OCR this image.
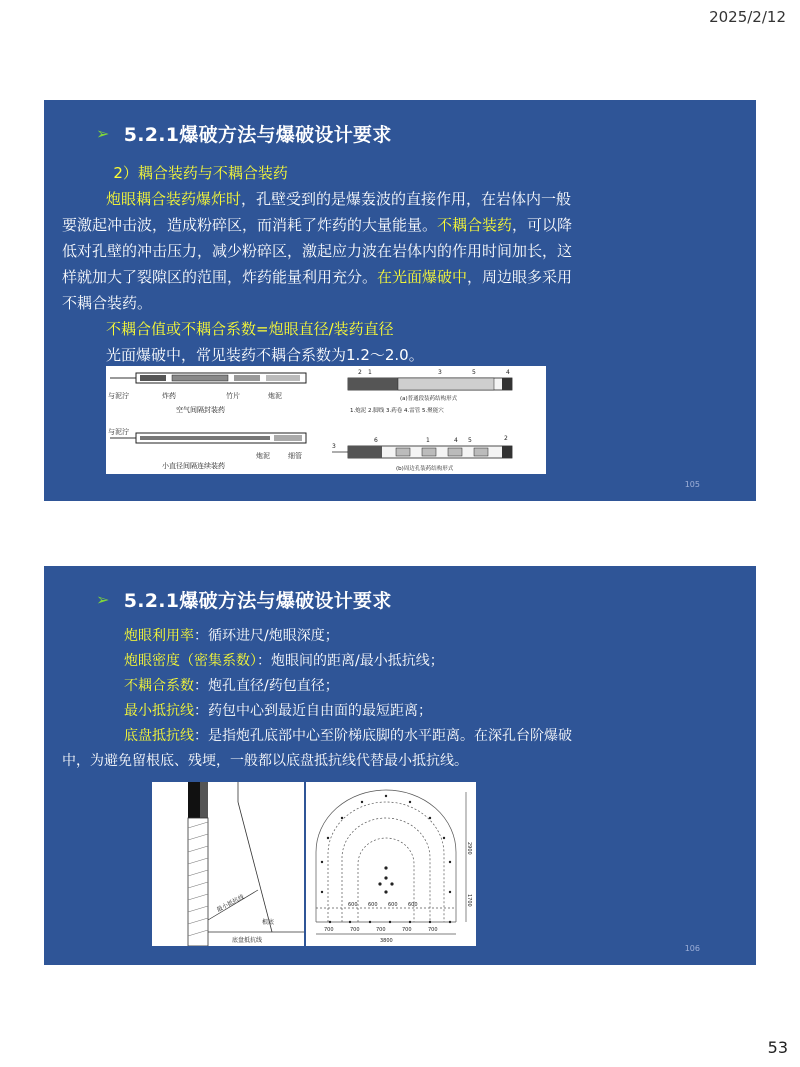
2025/2/12
➢ 5.2.1爆破方法与爆破设计要求
2）耦合装药与不耦合装药
炮眼耦合装药爆炸时，孔壁受到的是爆轰波的直接作用，在岩体内一般要激起冲击波，造成粉碎区，而消耗了炸药的大量能量。不耦合装药，可以降低对孔壁的冲击压力，减少粉碎区，激起应力波在岩体内的作用时间加长，这样就加大了裂隙区的范围，炸药能量利用充分。在光面爆破中，周边眼多采用不耦合装药。
不耦合值或不耦合系数=炮眼直径/装药直径
光面爆破中，常见装药不耦合系数为1.2～2.0。
与泥泞	炸药	竹片	炮泥
空气间隔封装药
与泥泞
炮泥	细管
小直径间隔连续装药
2 1	3	5	4
(a)普通段装药结构形式
1.炮泥 2.脚线 3.药卷 4.雷管 5.聚能穴
3
6	1	4 5	2
(b)周边孔装药结构形式
105
➢ 5.2.1爆破方法与爆破设计要求
炮眼利用率：循环进尺/炮眼深度；
炮眼密度（密集系数）：炮眼间的距离/最小抵抗线；
不耦合系数：炮孔直径/药包直径；
最小抵抗线：药包中心到最近自由面的最短距离；
底盘抵抗线：是指炮孔底部中心至阶梯底脚的水平距离。在深孔台阶爆破中，为避免留根底、残埂，一般都以底盘抵抗线代替最小抵抗线。
最小抵抗线
根底
底盘抵抗线
2900
1700
600 600 600 600
700	700	700	700	700
3800
106
53
